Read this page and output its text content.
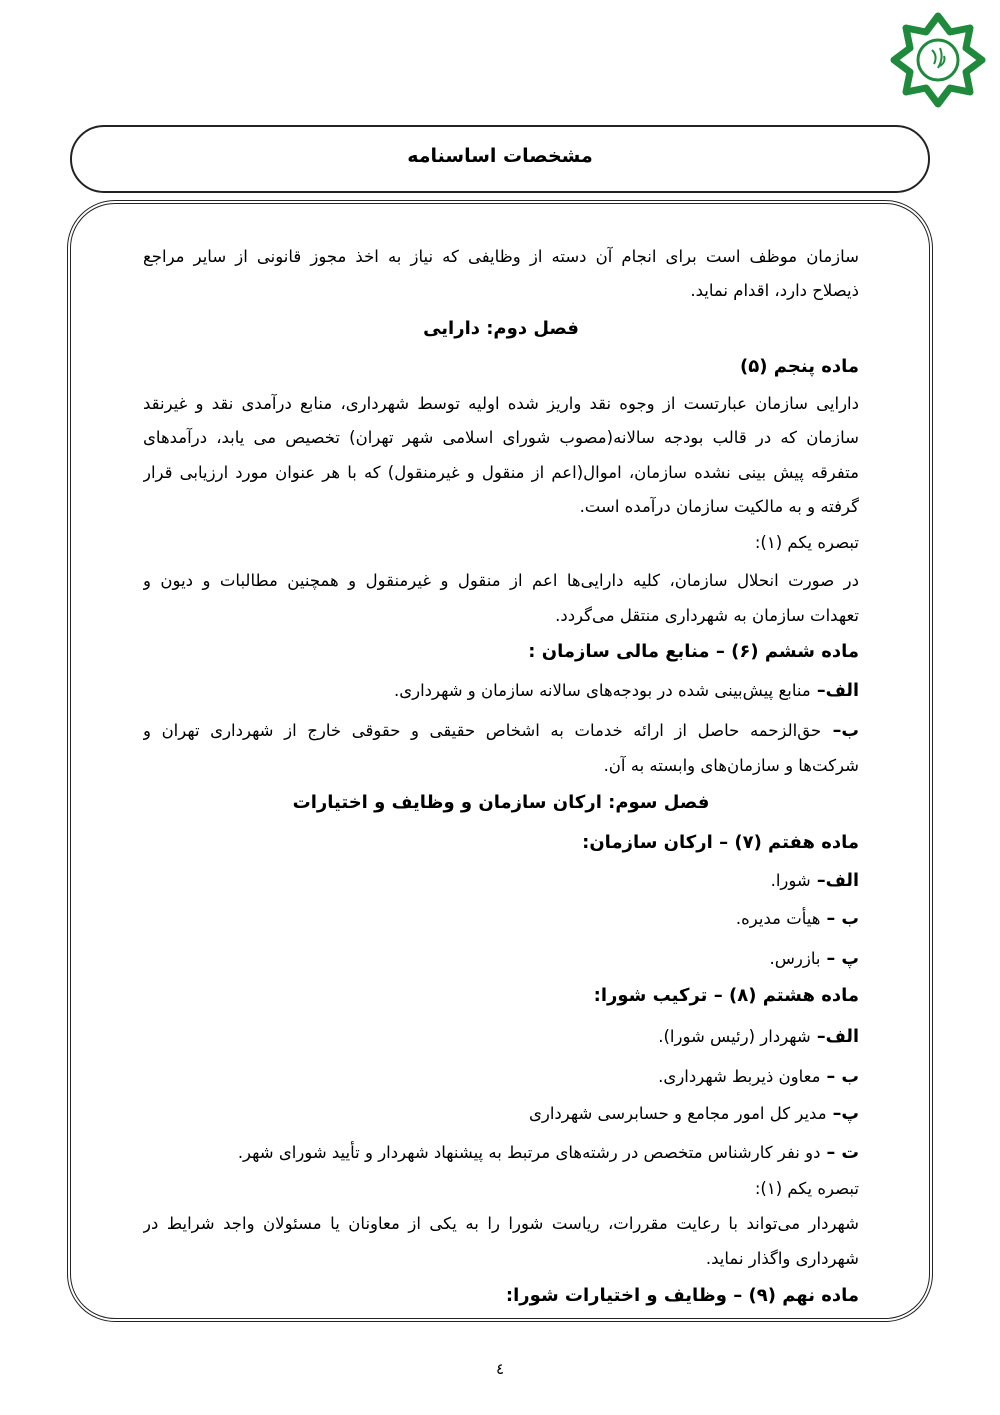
مشخصات اساسنامه
سازمان موظف است برای انجام آن دسته از وظایفی که نیاز به اخذ مجوز قانونی از سایر مراجع
ذیصلاح دارد، اقدام نماید.
فصل دوم: دارایی
ماده پنجم (۵)
دارایی سازمان عبارتست از وجوه نقد واریز شده اولیه توسط شهرداری، منابع درآمدی نقد و غیرنقد
سازمان که در قالب بودجه سالانه(مصوب شورای اسلامی شهر تهران) تخصیص می یابد، درآمدهای
متفرقه پیش بینی نشده سازمان، اموال(اعم از منقول و غیرمنقول) که با هر عنوان مورد ارزیابی قرار
گرفته و به مالکیت سازمان درآمده است.
تبصره یکم (۱):
در صورت انحلال سازمان، کلیه دارایی‌ها اعم از منقول و غیرمنقول و همچنین مطالبات و دیون و
تعهدات سازمان به شهرداری منتقل می‌گردد.
ماده ششم (۶) – منابع مالی سازمان :
الف– منابع پیش‌بینی شده در بودجه‌های سالانه سازمان و شهرداری.
ب– حق‌الزحمه حاصل از ارائه خدمات به اشخاص حقیقی و حقوقی خارج از شهرداری تهران و
شرکت‌ها و سازمان‌های وابسته به آن.
فصل سوم: ارکان سازمان و وظایف و اختیارات
ماده هفتم (۷) – ارکان سازمان:
الف– شورا.
ب – هیأت مدیره.
پ – بازرس.
ماده هشتم (۸) – ترکیب شورا:
الف– شهردار (رئیس شورا).
ب – معاون ذیربط شهرداری.
پ– مدیر کل امور مجامع و حسابرسی شهرداری
ت – دو نفر کارشناس متخصص در رشته‌های مرتبط به پیشنهاد شهردار و تأیید شورای شهر.
تبصره یکم (۱):
شهردار می‌تواند با رعایت مقررات، ریاست شورا را به یکی از معاونان یا مسئولان واجد شرایط در
شهرداری واگذار نماید.
ماده نهم (۹) – وظایف و اختیارات شورا:
٤
